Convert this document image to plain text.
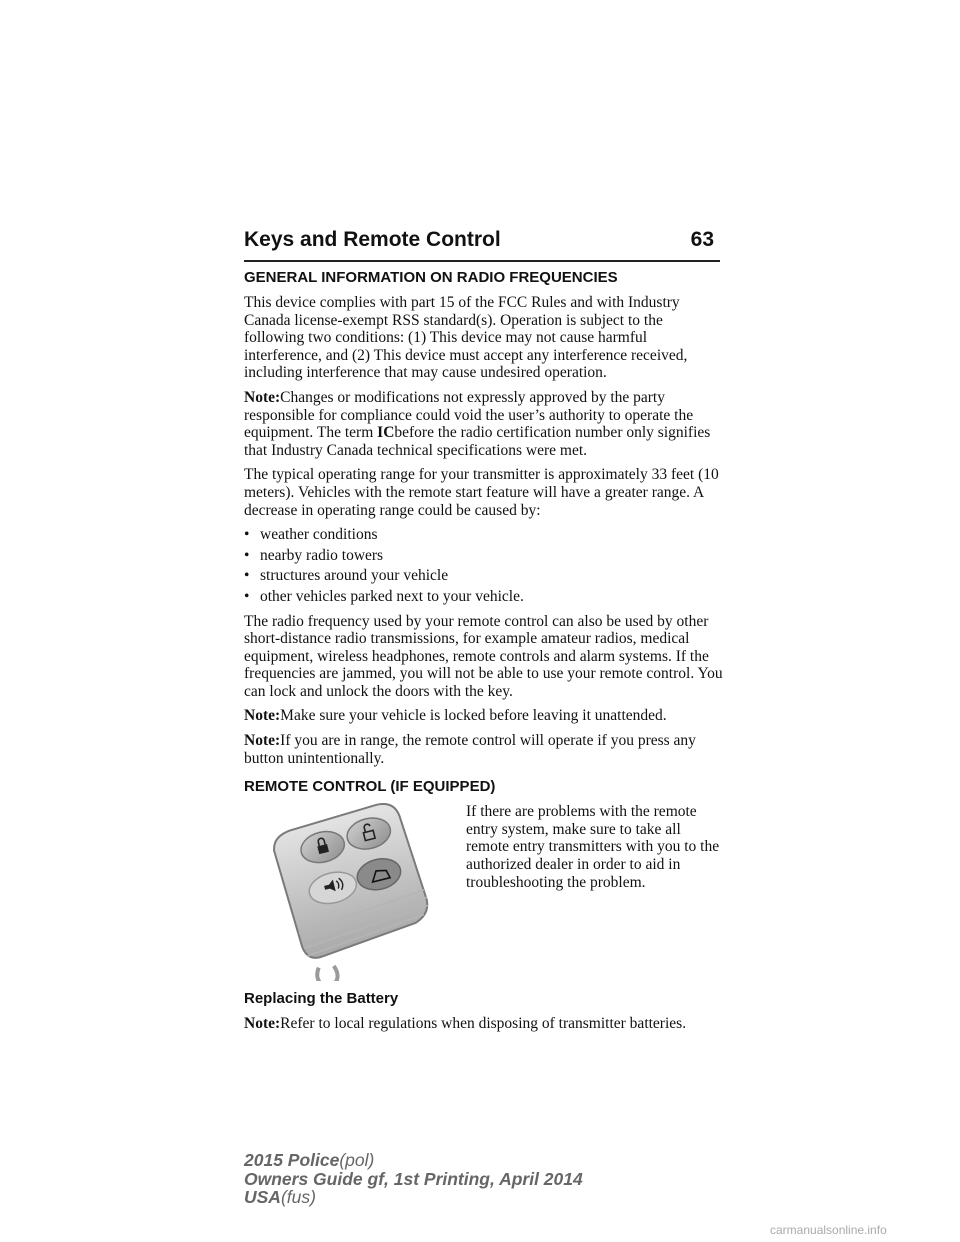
Keys and Remote Control	63
GENERAL INFORMATION ON RADIO FREQUENCIES

This device complies with part 15 of the FCC Rules and with Industry Canada license-exempt RSS standard(s). Operation is subject to the following two conditions: (1) This device may not cause harmful interference, and (2) This device must accept any interference received, including interference that may cause undesired operation.

Note:Changes or modifications not expressly approved by the party responsible for compliance could void the user’s authority to operate the equipment. The term ICbefore the radio certification number only signifies that Industry Canada technical specifications were met.

The typical operating range for your transmitter is approximately 33 feet (10 meters). Vehicles with the remote start feature will have a greater range. A decrease in operating range could be caused by:

• weather conditions
• nearby radio towers
• structures around your vehicle
• other vehicles parked next to your vehicle.

The radio frequency used by your remote control can also be used by other short-distance radio transmissions, for example amateur radios, medical equipment, wireless headphones, remote controls and alarm systems. If the frequencies are jammed, you will not be able to use your remote control. You can lock and unlock the doors with the key.

Note:Make sure your vehicle is locked before leaving it unattended.

Note:If you are in range, the remote control will operate if you press any button unintentionally.

REMOTE CONTROL (IF EQUIPPED)

If there are problems with the remote entry system, make sure to take all remote entry transmitters with you to the authorized dealer in order to aid in troubleshooting the problem.

Replacing the Battery

Note:Refer to local regulations when disposing of transmitter batteries.

2015 Police(pol)
Owners Guide gf, 1st Printing, April 2014
USA(fus)
carmanualsonline.info
